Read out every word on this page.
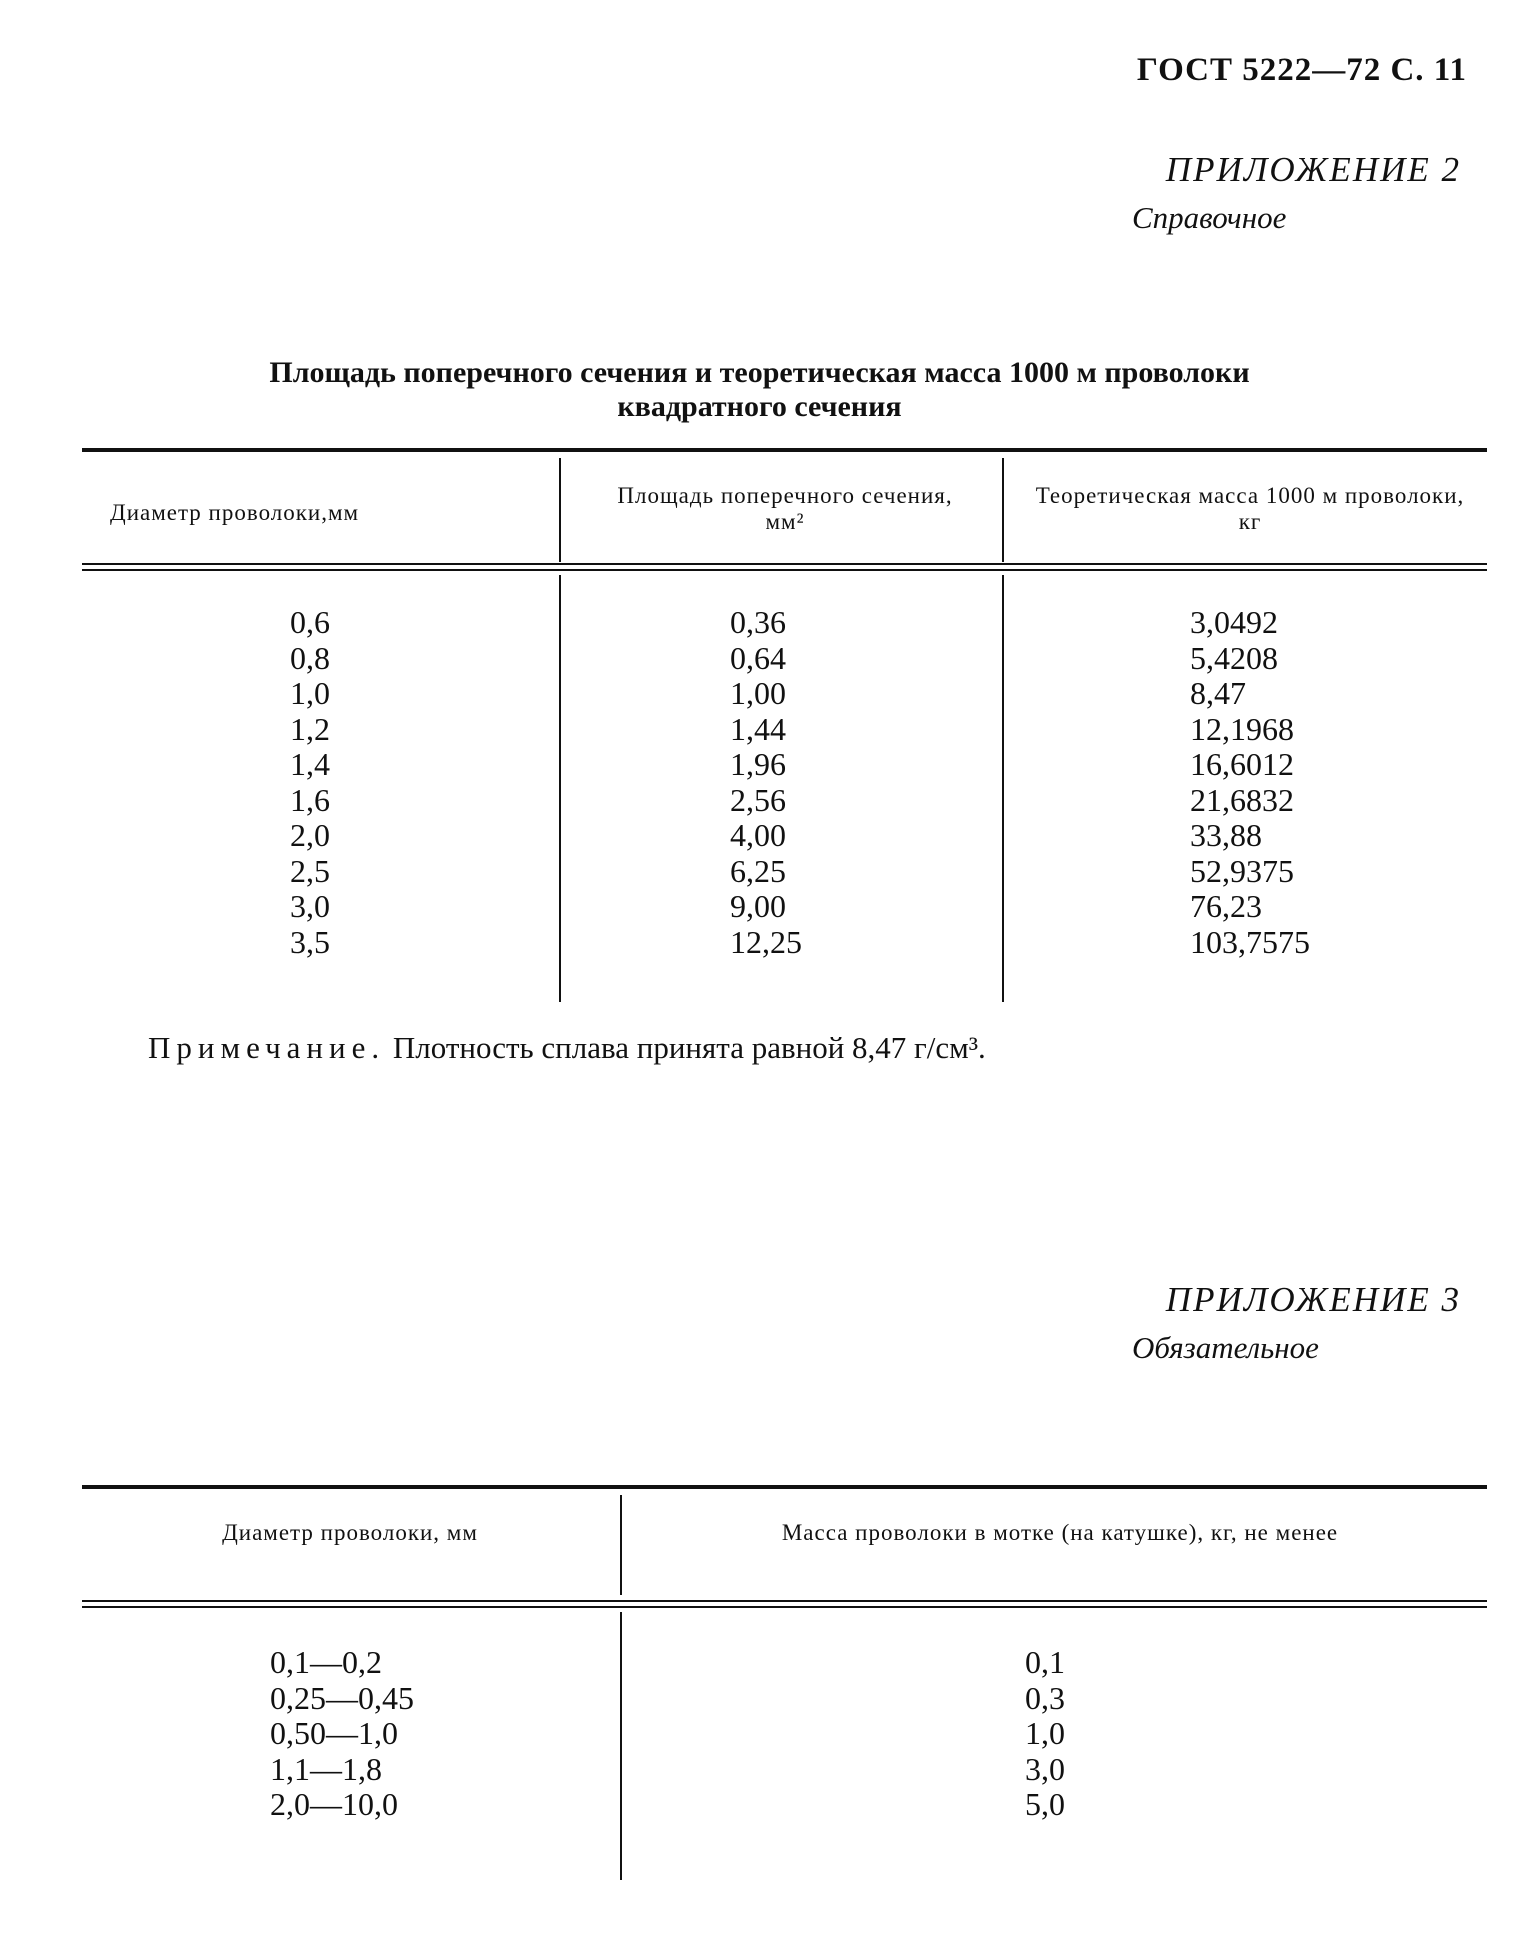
ГОСТ 5222—72 С. 11
ПРИЛОЖЕНИЕ 2
Справочное
Площадь поперечного сечения и теоретическая масса 1000 м проволоки
квадратного сечения
Диаметр проволоки,мм
Площадь поперечного сечения, мм²
Теоретическая масса 1000 м проволоки, кг
0,6
0,8
1,0
1,2
1,4
1,6
2,0
2,5
3,0
3,5
0,36
0,64
1,00
1,44
1,96
2,56
4,00
6,25
9,00
12,25
3,0492
5,4208
8,47
12,1968
16,6012
21,6832
33,88
52,9375
76,23
103,7575
Примечание. Плотность сплава принята равной 8,47 г/см³.
ПРИЛОЖЕНИЕ 3
Обязательное
Диаметр проволоки, мм	Масса проволоки в мотке (на катушке), кг, не менее
0,1—0,2
0,25—0,45
0,50—1,0
1,1—1,8
2,0—10,0
0,1
0,3
1,0
3,0
5,0
